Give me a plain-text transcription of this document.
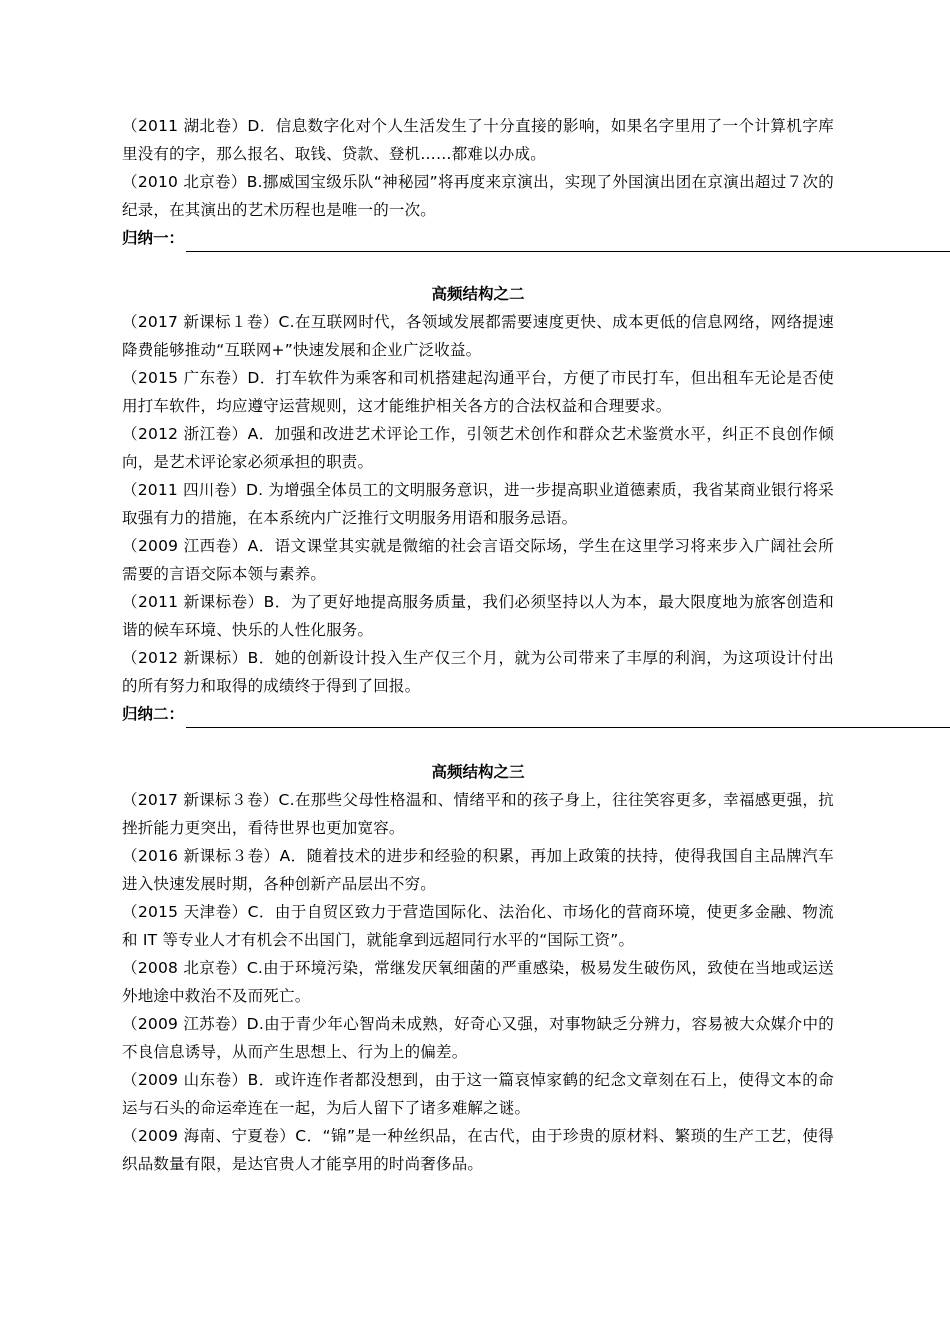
（2011 湖北卷）D．信息数字化对个人生活发生了十分直接的影响，如果名字里用了一个计算机字库里没有的字，那么报名、取钱、贷款、登机……都难以办成。

（2010 北京卷）B.挪威国宝级乐队“神秘园”将再度来京演出，实现了外国演出团在京演出超过７次的纪录，在其演出的艺术历程也是唯一的一次。

归纳一：
高频结构之二

（2017 新课标１卷）C.在互联网时代，各领域发展都需要速度更快、成本更低的信息网络，网络提速降费能够推动“互联网+”快速发展和企业广泛收益。

（2015 广东卷）D．打车软件为乘客和司机搭建起沟通平台，方便了市民打车，但出租车无论是否使用打车软件，均应遵守运营规则，这才能维护相关各方的合法权益和合理要求。

（2012 浙江卷）A．加强和改进艺术评论工作，引领艺术创作和群众艺术鉴赏水平，纠正不良创作倾向，是艺术评论家必须承担的职责。

（2011 四川卷）D. 为增强全体员工的文明服务意识，进一步提高职业道德素质，我省某商业银行将采取强有力的措施，在本系统内广泛推行文明服务用语和服务忌语。

（2009 江西卷）A．语文课堂其实就是微缩的社会言语交际场，学生在这里学习将来步入广阔社会所需要的言语交际本领与素养。

（2011 新课标卷）B．为了更好地提高服务质量，我们必须坚持以人为本，最大限度地为旅客创造和谐的候车环境、快乐的人性化服务。

（2012 新课标）B．她的创新设计投入生产仅三个月，就为公司带来了丰厚的利润，为这项设计付出的所有努力和取得的成绩终于得到了回报。

归纳二：
高频结构之三

（2017 新课标３卷）C.在那些父母性格温和、情绪平和的孩子身上，往往笑容更多，幸福感更强，抗挫折能力更突出，看待世界也更加宽容。

（2016 新课标３卷）A．随着技术的进步和经验的积累，再加上政策的扶持，使得我国自主品牌汽车进入快速发展时期，各种创新产品层出不穷。

（2015 天津卷）C．由于自贸区致力于营造国际化、法治化、市场化的营商环境，使更多金融、物流和 IT 等专业人才有机会不出国门，就能拿到远超同行水平的“国际工资”。

（2008 北京卷）C.由于环境污染，常继发厌氧细菌的严重感染，极易发生破伤风，致使在当地或运送外地途中救治不及而死亡。

（2009 江苏卷）D.由于青少年心智尚未成熟，好奇心又强，对事物缺乏分辨力，容易被大众媒介中的不良信息诱导，从而产生思想上、行为上的偏差。

（2009 山东卷）B．或许连作者都没想到，由于这一篇哀悼家鹤的纪念文章刻在石上，使得文本的命运与石头的命运牵连在一起，为后人留下了诸多难解之谜。

（2009 海南、宁夏卷）C．“锦”是一种丝织品，在古代，由于珍贵的原材料、繁琐的生产工艺，使得织品数量有限，是达官贵人才能享用的时尚奢侈品。
